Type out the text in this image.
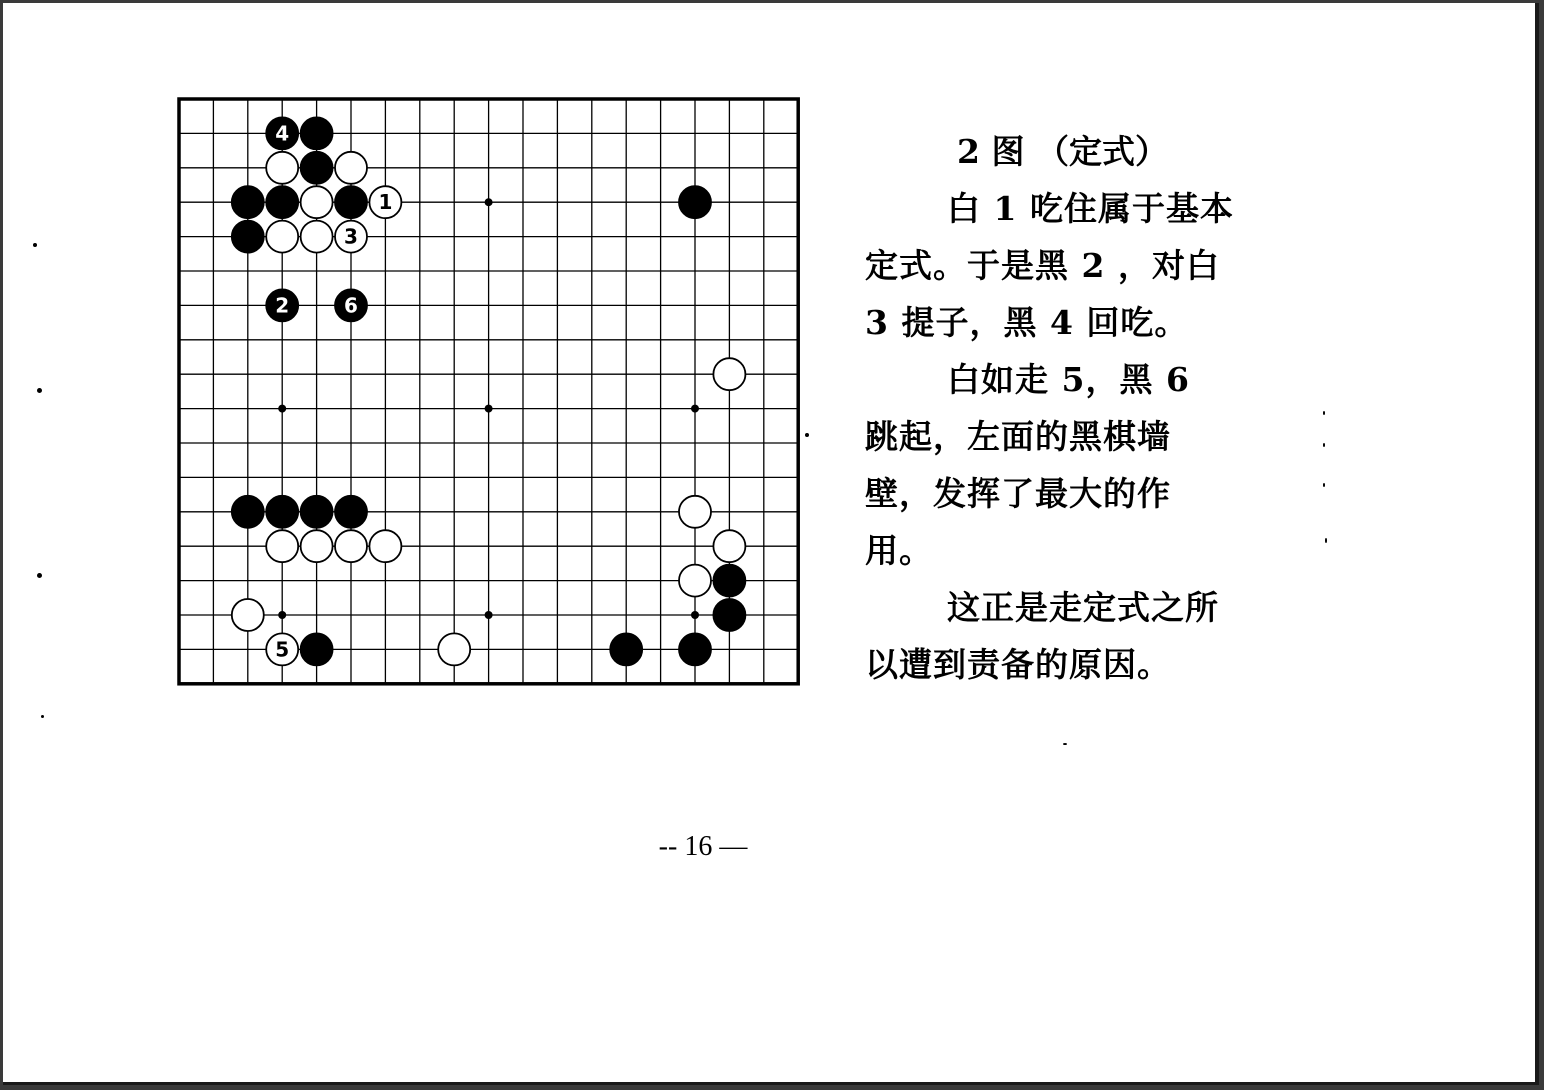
4
1
3
2	6
5
2 图 （定式）
白 1 吃住属于基本定式。于是黑 2 ，对白 3 提子，黑 4 回吃。
白如走 5，黑 6 跳起，左面的黑棋墙壁，发挥了最大的作用。
这正是走定式之所以遭到责备的原因。
-- 16 —
